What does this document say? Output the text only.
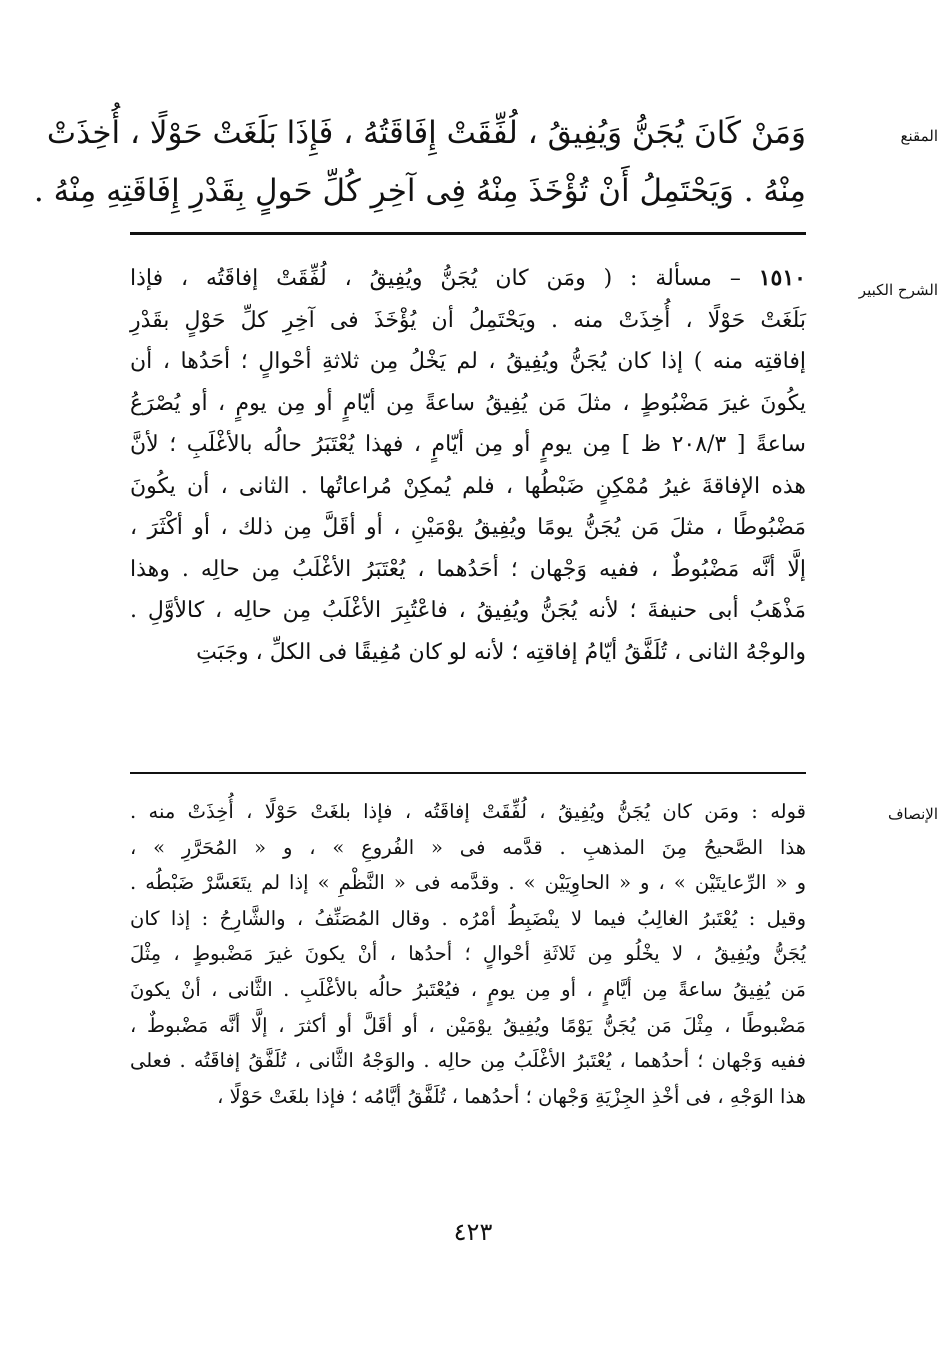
المقنع
وَمَنْ كَانَ يُجَنُّ وَيُفِيقُ ، لُفِّقَتْ إِفَاقَتُهُ ، فَإِذَا بَلَغَتْ حَوْلًا ، أُخِذَتْ
مِنْهُ . وَيَحْتَمِلُ أَنْ تُؤْخَذَ مِنْهُ فِى آخِرِ كُلِّ حَولٍ بِقَدْرِ إِفَاقَتِهِ مِنْهُ .
الشرح الكبير
١٥١٠ – مسألة : ( ومَن كان يُجَنُّ ويُفِيقُ ، لُفِّقَتْ إفاقَتُه ، فإذا
بَلَغَتْ حَوْلًا ، أُخِذَتْ منه . ويَحْتَمِلُ أن يُؤْخَذَ فى آخِرِ كلِّ حَوْلٍ بقَدْرِ
إفاقتِه منه ) إذا كان يُجَنُّ ويُفِيقُ ، لم يَخْلُ مِن ثلاثةِ أحْوالٍ ؛ أحَدُها ، أن
يكُونَ غيرَ مَضْبُوطٍ ، مثلَ مَن يُفِيقُ ساعةً مِن أيّامٍ أو مِن يومٍ ، أو يُصْرَعُ
ساعةً [ ٢٠٨/٣ ظ ] مِن يومٍ أو مِن أيّامٍ ، فهذا يُعْتَبَرُ حالُه بالأغْلَبِ ؛ لأنَّ
هذه الإفاقةَ غيرُ مُمْكِنٍ ضَبْطُها ، فلم يُمكِنْ مُراعاتُها . الثانى ، أن يكُونَ
مَضْبُوطًا ، مثلَ مَن يُجَنُّ يومًا ويُفِيقُ يوْمَيْنِ ، أو أقَلَّ مِن ذلك ، أو أكْثَرَ ،
إلَّا أنَّه مَضْبُوطٌ ، ففيه وَجْهان ؛ أحَدُهما ، يُعْتَبَرُ الأغْلَبُ مِن حالِه . وهذا
مَذْهَبُ أبى حنيفةَ ؛ لأنه يُجَنُّ ويُفِيقُ ، فاعْتُبِرَ الأغْلَبُ مِن حالِه ، كالأوَّلِ .
والوجْهُ الثانى ، تُلَفَّقُ أيّامُ إفاقتِه ؛ لأنه لو كان مُفِيقًا فى الكلِّ ، وجَبَتِ
الإنصاف
قوله : ومَن كان يُجَنُّ ويُفِيقُ ، لُفِّقَتْ إفاقَتُه ، فإذا بلغَتْ حَوْلًا ، أُخِذَتْ منه .
هذا الصَّحيحُ مِنَ المذهبِ . قدَّمه فى « الفُروعِ » ، و « المُحَرَّرِ » ،
و « الرِّعايتَيْن » ، و « الحاوِيَيْن » . وقدَّمه فى « النَّظْمِ » إذا لم يتَعَسَّرْ ضَبْطُه .
وقيل : يُعْتَبرُ الغالِبُ فيما لا ينْضَبِطُ أمْرُه . وقال المُصَنِّفُ ، والشَّارِحُ : إذا كان
يُجَنُّ ويُفِيقُ ، لا يخْلُو مِن ثَلاثَةِ أحْوالٍ ؛ أحدُها ، أنْ يكونَ غيرَ مَضْبوطٍ ، مِثْلَ
مَن يُفِيقُ ساعةً مِن أيَّامٍ ، أو مِن يومٍ ، فيُعْتَبرُ حالُه بالأغْلَبِ . الثَّانى ، أنْ يكونَ
مَضْبوطًا ، مِثْلَ مَن يُجَنُّ يَوْمًا ويُفِيقُ يوْمَيْن ، أو أقَلَّ أو أكثرَ ، إلَّا أنَّه مَضْبوطٌ ،
ففيه وَجْهان ؛ أحدُهما ، يُعْتَبرُ الأغْلَبُ مِن حالِه . والوَجْهُ الثَّانى ، تُلَفَّقُ إفاقَتُه . فعلى
هذا الوَجْهِ ، فى أخْذِ الجِزْيَةِ وَجْهان ؛ أحدُهما ، تُلَفَّقُ أيَّامُه ؛ فإذا بلغَتْ حَوْلًا ،
٤٢٣
